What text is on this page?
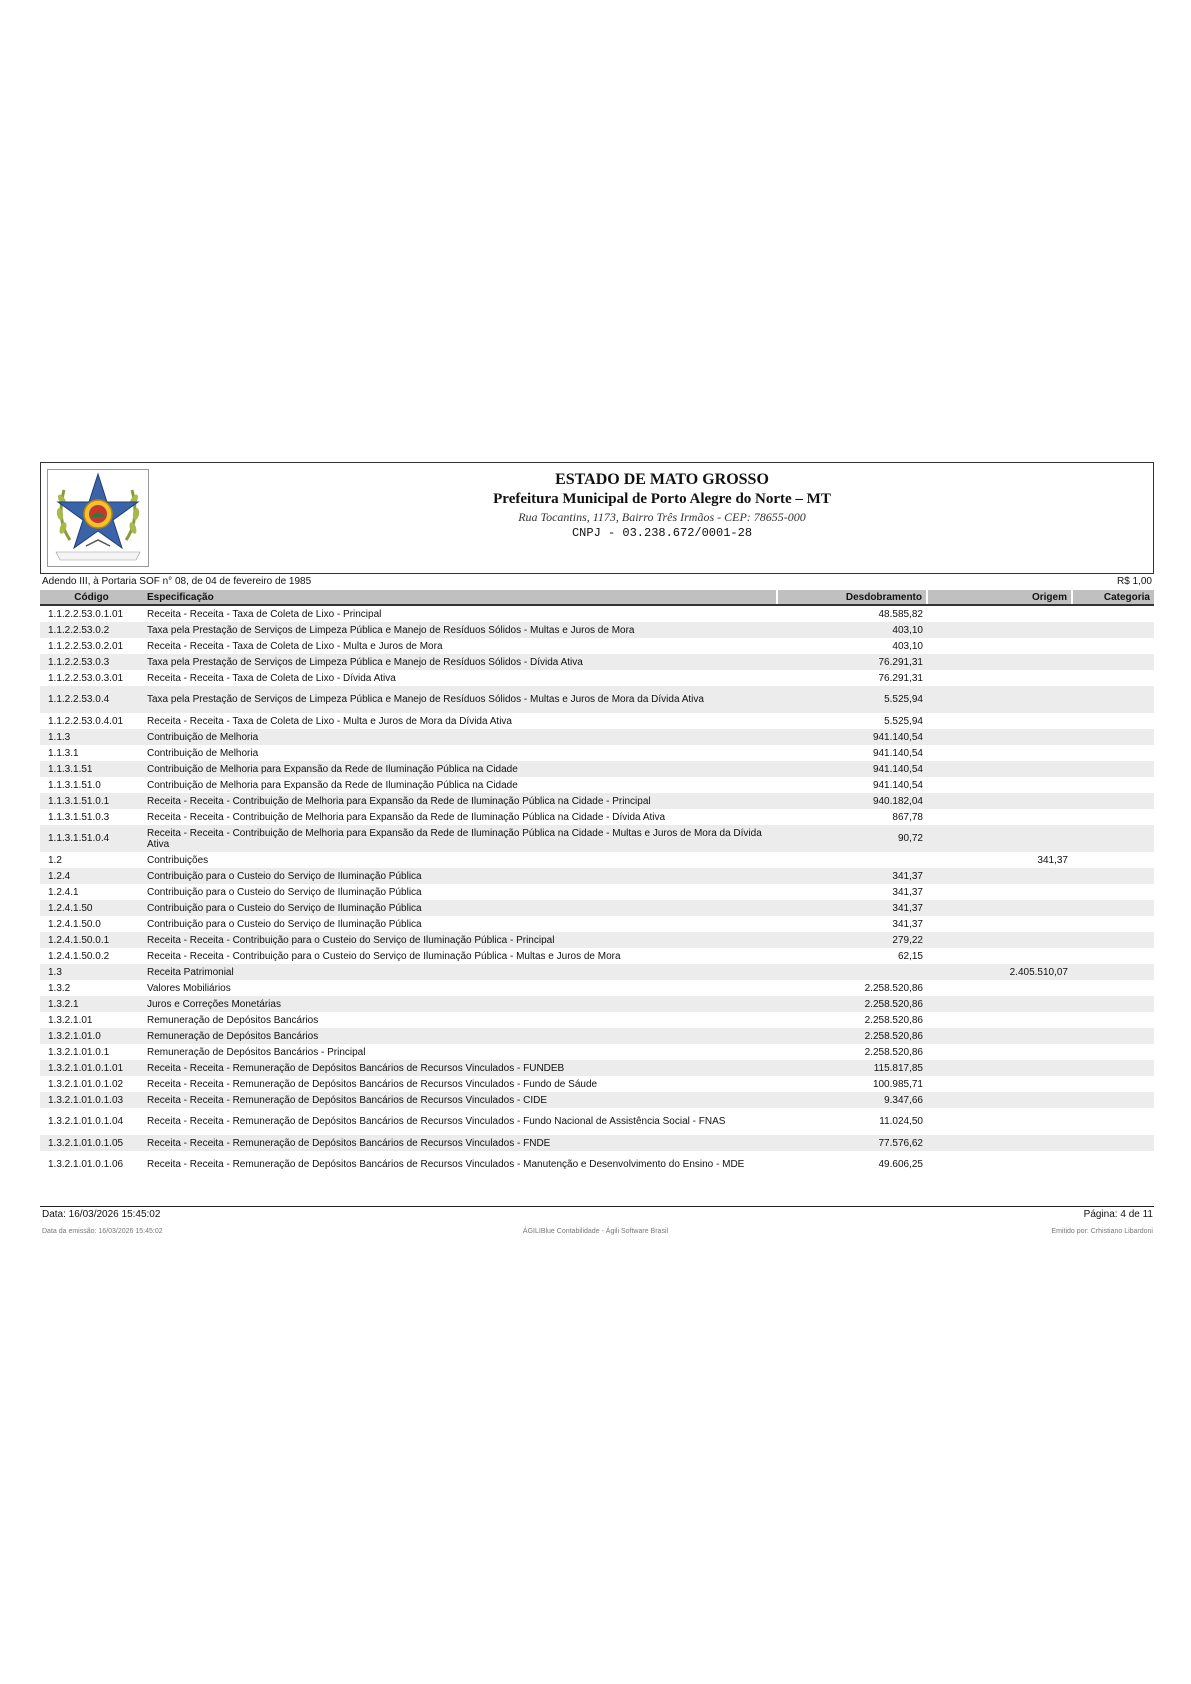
ESTADO DE MATO GROSSO
Prefeitura Municipal de Porto Alegre do Norte – MT
Rua Tocantins, 1173, Bairro Três Irmãos - CEP: 78655-000
CNPJ - 03.238.672/0001-28
Adendo III, à Portaria SOF n° 08, de 04 de fevereiro de 1985	R$ 1,00
Código	Especificação	Desdobramento	Origem	Categoria
1.1.2.2.53.0.1.01	Receita - Receita - Taxa de Coleta de Lixo - Principal	48.585,82		
1.1.2.2.53.0.2	Taxa pela Prestação de Serviços de Limpeza Pública e Manejo de Resíduos Sólidos - Multas e Juros de Mora	403,10		
1.1.2.2.53.0.2.01	Receita - Receita - Taxa de Coleta de Lixo - Multa e Juros de Mora	403,10		
1.1.2.2.53.0.3	Taxa pela Prestação de Serviços de Limpeza Pública e Manejo de Resíduos Sólidos - Dívida Ativa	76.291,31		
1.1.2.2.53.0.3.01	Receita - Receita - Taxa de Coleta de Lixo - Dívida Ativa	76.291,31		
1.1.2.2.53.0.4	Taxa pela Prestação de Serviços de Limpeza Pública e Manejo de Resíduos Sólidos - Multas e Juros de Mora da Dívida Ativa	5.525,94		
1.1.2.2.53.0.4.01	Receita - Receita - Taxa de Coleta de Lixo - Multa e Juros de Mora da Dívida Ativa	5.525,94		
1.1.3	Contribuição de Melhoria	941.140,54		
1.1.3.1	Contribuição de Melhoria	941.140,54		
1.1.3.1.51	Contribuição de Melhoria para Expansão da Rede de Iluminação Pública na Cidade	941.140,54		
1.1.3.1.51.0	Contribuição de Melhoria para Expansão da Rede de Iluminação Pública na Cidade	941.140,54		
1.1.3.1.51.0.1	Receita - Receita - Contribuição de Melhoria para Expansão da Rede de Iluminação Pública na Cidade - Principal	940.182,04		
1.1.3.1.51.0.3	Receita - Receita - Contribuição de Melhoria para Expansão da Rede de Iluminação Pública na Cidade - Dívida Ativa	867,78		
1.1.3.1.51.0.4	Receita - Receita - Contribuição de Melhoria para Expansão da Rede de Iluminação Pública na Cidade - Multas e Juros de Mora da Dívida Ativa	90,72		
1.2	Contribuições		341,37	
1.2.4	Contribuição para o Custeio do Serviço de Iluminação Pública	341,37		
1.2.4.1	Contribuição para o Custeio do Serviço de Iluminação Pública	341,37		
1.2.4.1.50	Contribuição para o Custeio do Serviço de Iluminação Pública	341,37		
1.2.4.1.50.0	Contribuição para o Custeio do Serviço de Iluminação Pública	341,37		
1.2.4.1.50.0.1	Receita - Receita - Contribuição para o Custeio do Serviço de Iluminação Pública - Principal	279,22		
1.2.4.1.50.0.2	Receita - Receita - Contribuição para o Custeio do Serviço de Iluminação Pública - Multas e Juros de Mora	62,15		
1.3	Receita Patrimonial		2.405.510,07	
1.3.2	Valores Mobiliários	2.258.520,86		
1.3.2.1	Juros e Correções Monetárias	2.258.520,86		
1.3.2.1.01	Remuneração de Depósitos Bancários	2.258.520,86		
1.3.2.1.01.0	Remuneração de Depósitos Bancários	2.258.520,86		
1.3.2.1.01.0.1	Remuneração de Depósitos Bancários - Principal	2.258.520,86		
1.3.2.1.01.0.1.01	Receita - Receita - Remuneração de Depósitos Bancários de Recursos Vinculados - FUNDEB	115.817,85		
1.3.2.1.01.0.1.02	Receita - Receita - Remuneração de Depósitos Bancários de Recursos Vinculados - Fundo de Sáude	100.985,71		
1.3.2.1.01.0.1.03	Receita - Receita - Remuneração de Depósitos Bancários de Recursos Vinculados - CIDE	9.347,66		
1.3.2.1.01.0.1.04	Receita - Receita - Remuneração de Depósitos Bancários de Recursos Vinculados - Fundo Nacional de Assistência Social - FNAS	11.024,50		
1.3.2.1.01.0.1.05	Receita - Receita - Remuneração de Depósitos Bancários de Recursos Vinculados - FNDE	77.576,62		
1.3.2.1.01.0.1.06	Receita - Receita - Remuneração de Depósitos Bancários de Recursos Vinculados - Manutenção e Desenvolvimento do Ensino - MDE	49.606,25		
Data: 16/03/2026 15:45:02	Página: 4 de 11
Data da emissão: 16/03/2026 15:45:02	ÁGILIBlue Contabilidade - Ágili Software Brasil	Emitido por: Crhistiano Libardoni
